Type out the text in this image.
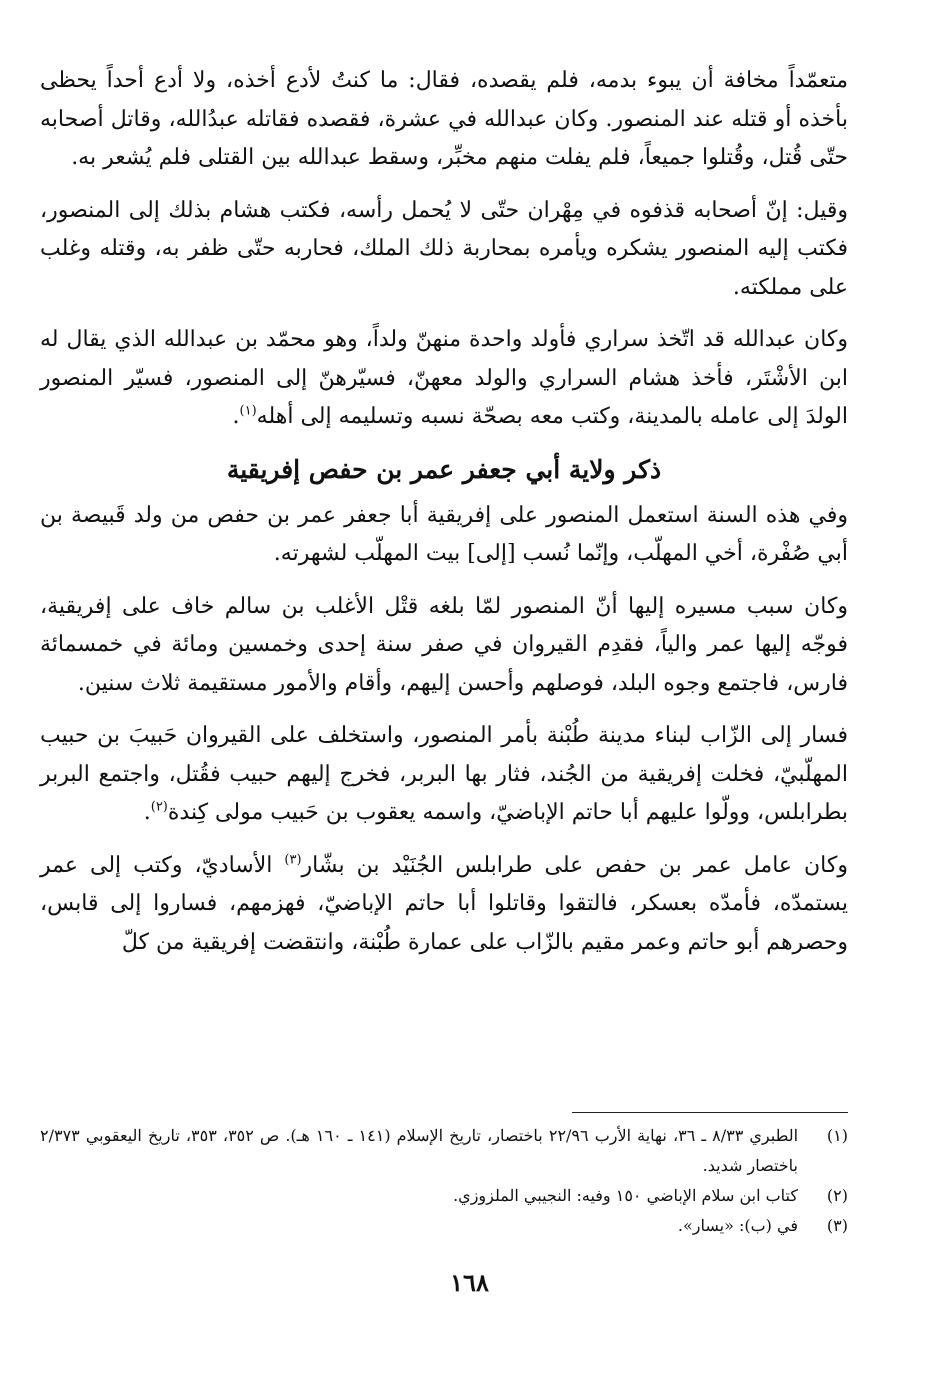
متعمّداً مخافة أن يبوء بدمه، فلم يقصده، فقال: ما كنتُ لأدع أخذه، ولا أدع أحداً يحظى بأخذه أو قتله عند المنصور. وكان عبدالله في عشرة، فقصده فقاتله عبدُالله، وقاتل أصحابه حتّى قُتل، وقُتلوا جميعاً، فلم يفلت منهم مخبِّر، وسقط عبدالله بين القتلى فلم يُشعر به.

وقيل: إنّ أصحابه قذفوه في مِهْران حتّى لا يُحمل رأسه، فكتب هشام بذلك إلى المنصور، فكتب إليه المنصور يشكره ويأمره بمحاربة ذلك الملك، فحاربه حتّى ظفر به، وقتله وغلب على مملكته.

وكان عبدالله قد اتّخذ سراري فأولد واحدة منهنّ ولداً، وهو محمّد بن عبدالله الذي يقال له ابن الأشْتَر، فأخذ هشام السراري والولد معهنّ، فسيّرهنّ إلى المنصور، فسيّر المنصور الولدَ إلى عامله بالمدينة، وكتب معه بصحّة نسبه وتسليمه إلى أهله$^{(١)}$.

ذكر ولاية أبي جعفر عمر بن حفص إفريقية

وفي هذه السنة استعمل المنصور على إفريقية أبا جعفر عمر بن حفص من ولد قَبيصة بن أبي صُفْرة، أخي المهلّب، وإنّما نُسب [إلى] بيت المهلّب لشهرته.

وكان سبب مسيره إليها أنّ المنصور لمّا بلغه قتْل الأغلب بن سالم خاف على إفريقية، فوجّه إليها عمر والياً، فقدِم القيروان في صفر سنة إحدى وخمسين ومائة في خمسمائة فارس، فاجتمع وجوه البلد، فوصلهم وأحسن إليهم، وأقام والأمور مستقيمة ثلاث سنين.

فسار إلى الزّاب لبناء مدينة طُبْنة بأمر المنصور، واستخلف على القيروان حَبيبَ بن حبيب المهلّبيّ، فخلت إفريقية من الجُند، فثار بها البربر، فخرج إليهم حبيب فقُتل، واجتمع البربر بطرابلس، وولّوا عليهم أبا حاتم الإباضيّ، واسمه يعقوب بن حَبيب مولى كِندة$^{(٢)}$.

وكان عامل عمر بن حفص على طرابلس الجُنَيْد بن بشّار$^{(٣)}$ الأساديّ، وكتب إلى عمر يستمدّه، فأمدّه بعسكر، فالتقوا وقاتلوا أبا حاتم الإباضيّ، فهزمهم، فساروا إلى قابس، وحصرهم أبو حاتم وعمر مقيم بالزّاب على عمارة طُبْنة، وانتقضت إفريقية من كلّ

(١)
الطبري ٨/٣٣ ـ ٣٦، نهاية الأرب ٢٢/٩٦ باختصار، تاريخ الإسلام (١٤١ ـ ١٦٠ هـ). ص ٣٥٢، ٣٥٣، تاريخ اليعقوبي ٢/٣٧٣ باختصار شديد.
(٢)
كتاب ابن سلام الإباضي ١٥٠ وفيه: النجيبي الملزوزي.
(٣)
في (ب): «يسار».
١٦٨
